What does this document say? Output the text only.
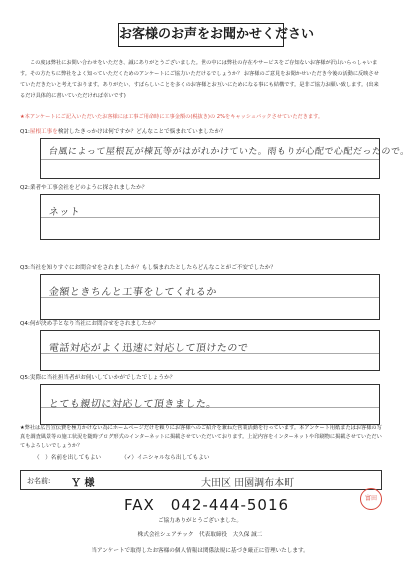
お客様のお声をお聞かせください
この度は弊社にお問い合わせをいただき、誠にありがとうございました。世の中には弊社の存在やサービスをご存知ないお客様が沢山いらっしゃいます。その方たちに弊社をよく知っていただくためのアンケートにご協力いただけるでしょうか？ お客様のご意見をお聞かせいただき今後の活動に反映させていただきたいと考えております。ありがたい、すばらしいことを多くのお客様とお互いにためになる事にも結構です。是非ご協力お願い致します。(出来るだけ具体的に書いていただければ幸いです)
★本アンケートにご記入いただいたお客様には工事ご用命時に工事金額の(税抜き)の 2%をキャッシュバックさせていただきます。
Q1:屋根工事を検討したきっかけは何ですか？どんなことで悩まれていましたか？
台風によって屋根瓦が棟瓦等がはがれかけていた。雨もりが心配で心配だったので。
Q2:業者や工事会社をどのように探されましたか？
ネット
Q3:当社を知りすぐにお問合せをされましたか？もし悩まれたとしたらどんなことがご不安でしたか？
金額ときちんと工事をしてくれるか
Q4:何が決め手となり当社にお問合せをされましたか？
電話対応がよく迅速に対応して頂けたので
Q5:実際に当社担当者がお伺いしていかがでしたでしょうか？
とても親切に対応して頂きました。
お名前: Ｙ 様	大田区 田園調布本町
★弊社は広告宣伝費を極力かけない為にホームページだけを頼りにお客様へのご紹介を兼ねた営業活動を行っています。本アンケート用紙またはお客様の写真を調査風景等の施工状況を随時ブログ形式のインターネットに掲載させていただいております。上記内容をインターネットや印刷物に掲載させていただいてもよろしいでしょうか？
（　）名前を出してもよい	（✓）イニシャルなら出してもよい
FAX　042-444-5016	富田
ご協力ありがとうございました。
株式会社シェアテック　代表取締役　大久保 誠二
当アンケートで取得したお客様の個人情報は関係法規に基づき厳正に管理いたします。
